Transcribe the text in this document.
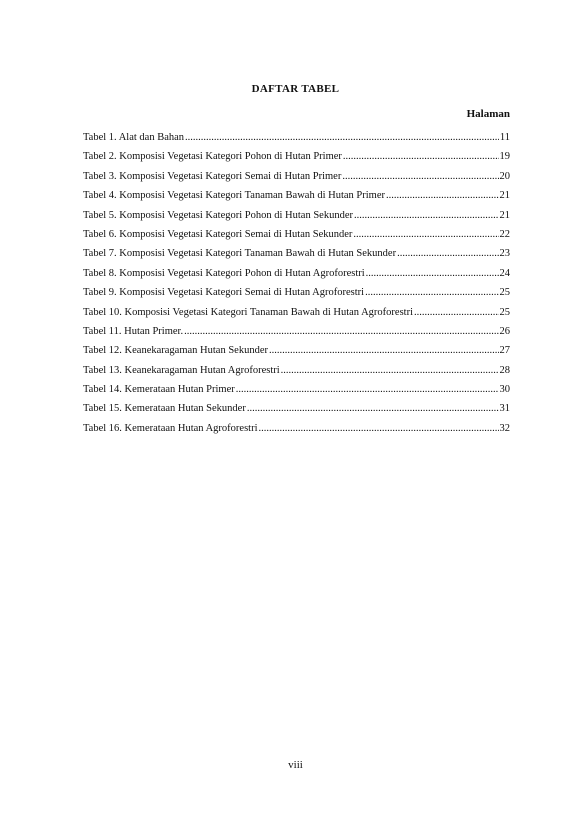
DAFTAR TABEL
Halaman
Tabel 1. Alat dan Bahan .....	11
Tabel 2. Komposisi Vegetasi Kategori Pohon di Hutan Primer .....	19
Tabel 3. Komposisi Vegetasi Kategori Semai di Hutan Primer .....	20
Tabel 4. Komposisi Vegetasi Kategori Tanaman Bawah di Hutan Primer .....	21
Tabel 5. Komposisi Vegetasi Kategori Pohon di Hutan Sekunder .....	21
Tabel 6. Komposisi Vegetasi Kategori Semai di Hutan Sekunder .....	22
Tabel 7. Komposisi Vegetasi Kategori Tanaman Bawah di Hutan Sekunder .....	23
Tabel 8. Komposisi Vegetasi Kategori Pohon di Hutan Agroforestri .....	24
Tabel 9. Komposisi Vegetasi Kategori Semai di Hutan Agroforestri .....	25
Tabel 10. Komposisi Vegetasi Kategori Tanaman Bawah di Hutan Agroforestri .....	25
Tabel 11. Hutan Primer. .....	26
Tabel 12. Keanekaragaman Hutan Sekunder .....	27
Tabel 13. Keanekaragaman Hutan Agroforestri .....	28
Tabel 14. Kemerataan Hutan Primer .....	30
Tabel 15. Kemerataan Hutan Sekunder .....	31
Tabel 16. Kemerataan Hutan Agroforestri .....	32
viii
